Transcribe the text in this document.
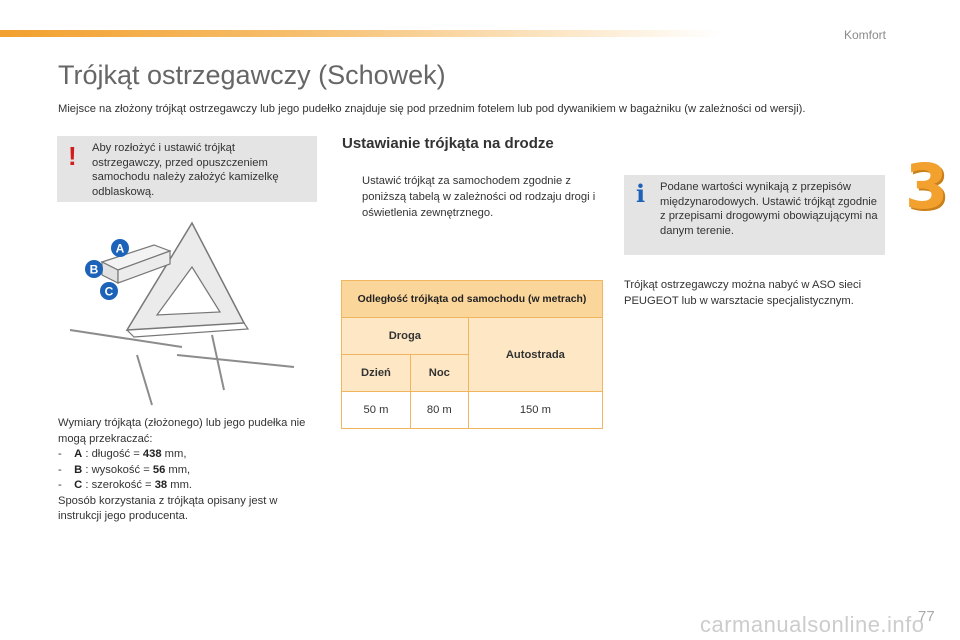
Komfort
3
Trójkąt ostrzegawczy (Schowek)
Miejsce na złożony trójkąt ostrzegawczy lub jego pudełko znajduje się pod przednim fotelem lub pod dywanikiem w bagażniku (w zależności od wersji).
! Aby rozłożyć i ustawić trójkąt ostrzegawczy, przed opuszczeniem samochodu należy założyć kamizelkę odblaskową.
A
B
C
Wymiary trójkąta (złożonego) lub jego pudełka nie mogą przekraczać:
- A : długość = 438 mm,
- B : wysokość = 56 mm,
- C : szerokość = 38 mm.
Sposób korzystania z trójkąta opisany jest w instrukcji jego producenta.
Ustawianie trójkąta na drodze
Ustawić trójkąt za samochodem zgodnie z poniższą tabelą w zależności od rodzaju drogi i oświetlenia zewnętrznego.
Odległość trójkąta od samochodu (w metrach)		
Droga		Autostrada
Dzień	Noc	
50 m	80 m	150 m
i Podane wartości wynikają z przepisów międzynarodowych. Ustawić trójkąt zgodnie z przepisami drogowymi obowiązującymi na danym terenie.
Trójkąt ostrzegawczy można nabyć w ASO sieci PEUGEOT lub w warsztacie specjalistycznym.
carmanualsonline.info
77
